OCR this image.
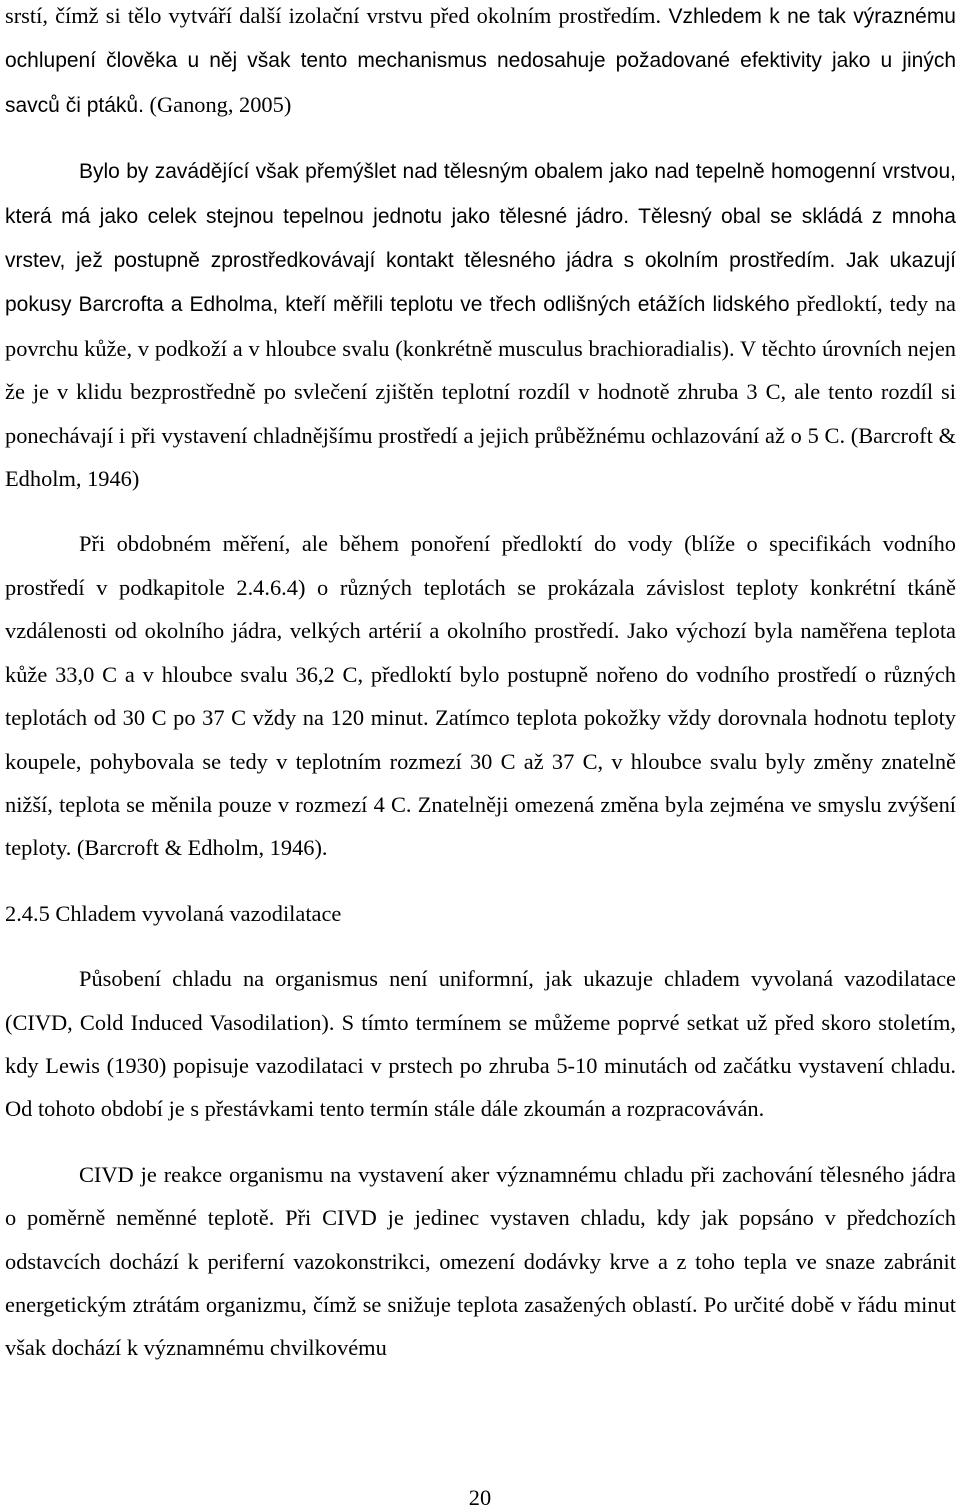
srstí, čímž si tělo vytváří další izolační vrstvu před okolním prostředím. Vzhledem k ne tak výraznému ochlupení člověka u něj však tento mechanismus nedosahuje požadované efektivity jako u jiných savců či ptáků. (Ganong, 2005)

Bylo by zavádějící však přemýšlet nad tělesným obalem jako nad tepelně homogenní vrstvou, která má jako celek stejnou tepelnou jednotu jako tělesné jádro. Tělesný obal se skládá z mnoha vrstev, jež postupně zprostředkovávají kontakt tělesného jádra s okolním prostředím. Jak ukazují pokusy Barcrofta a Edholma, kteří měřili teplotu ve třech odlišných etážích lidského předloktí, tedy na povrchu kůže, v podkoží a v hloubce svalu (konkrétně musculus brachioradialis). V těchto úrovních nejen že je v klidu bezprostředně po svlečení zjištěn teplotní rozdíl v hodnotě zhruba 3 C, ale tento rozdíl si ponechávají i při vystavení chladnějšímu prostředí a jejich průběžnému ochlazování až o 5 C. (Barcroft & Edholm, 1946)

Při obdobném měření, ale během ponoření předloktí do vody (blíže o specifikách vodního prostředí v podkapitole 2.4.6.4) o různých teplotách se prokázala závislost teploty konkrétní tkáně vzdálenosti od okolního jádra, velkých artérií a okolního prostředí. Jako výchozí byla naměřena teplota kůže 33,0 C a v hloubce svalu 36,2 C, předloktí bylo postupně nořeno do vodního prostředí o různých teplotách od 30 C po 37 C vždy na 120 minut. Zatímco teplota pokožky vždy dorovnala hodnotu teploty koupele, pohybovala se tedy v teplotním rozmezí 30 C až 37 C, v hloubce svalu byly změny znatelně nižší, teplota se měnila pouze v rozmezí 4 C. Znatelněji omezená změna byla zejména ve smyslu zvýšení teploty. (Barcroft & Edholm, 1946).

2.4.5 Chladem vyvolaná vazodilatace

Působení chladu na organismus není uniformní, jak ukazuje chladem vyvolaná vazodilatace (CIVD, Cold Induced Vasodilation). S tímto termínem se můžeme poprvé setkat už před skoro stoletím, kdy Lewis (1930) popisuje vazodilataci v prstech po zhruba 5-10 minutách od začátku vystavení chladu. Od tohoto období je s přestávkami tento termín stále dále zkoumán a rozpracováván.

CIVD je reakce organismu na vystavení aker významnému chladu při zachování tělesného jádra o poměrně neměnné teplotě. Při CIVD je jedinec vystaven chladu, kdy jak popsáno v předchozích odstavcích dochází k periferní vazokonstrikci, omezení dodávky krve a z toho tepla ve snaze zabránit energetickým ztrátám organizmu, čímž se snižuje teplota zasažených oblastí. Po určité době v řádu minut však dochází k významnému chvilkovému

20
